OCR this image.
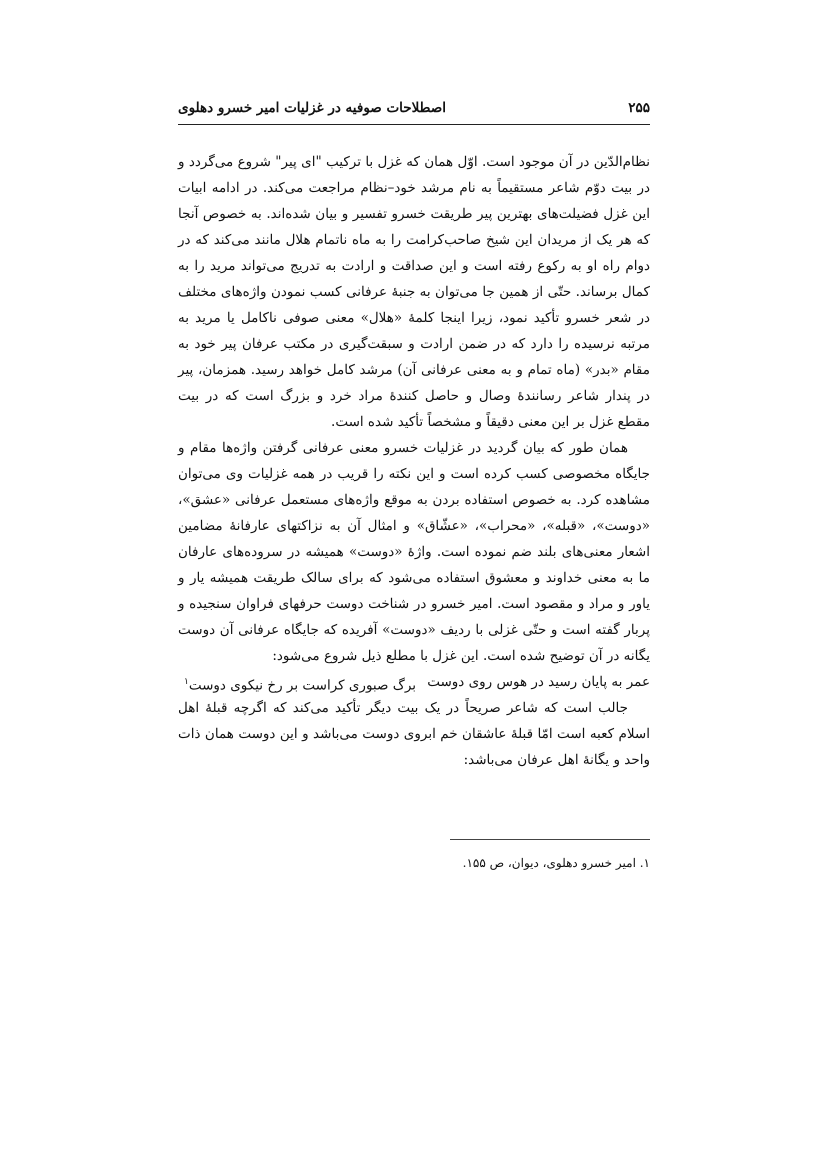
۲۵۵
اصطلاحات صوفیه در غزلیات امیر خسرو دهلوی

نظام‌الدّین در آن موجود است. اوّل همان که غزل با ترکیب "ای پیر" شروع می‌گردد و در بیت دوّم شاعر مستقیماً به نام مرشد خود–نظام مراجعت می‌کند. در ادامه ابیات این غزل فضیلت‌های بهترین پیر طریقت خسرو تفسیر و بیان شده‌اند. به خصوص آنجا که هر یک از مریدان این شیخ صاحب‌کرامت را به ماه ناتمام هلال مانند می‌کند که در دوام راه او به رکوع رفته است و این صداقت و ارادت به تدریج می‌تواند مرید را به کمال برساند. حتّی از همین جا می‌توان به جنبهٔ عرفانی کسب نمودن واژه‌های مختلف در شعر خسرو تأکید نمود، زیرا اینجا کلمهٔ «هلال» معنی صوفی ناکامل یا مرید به مرتبه نرسیده را دارد که در ضمن ارادت و سبقت‌گیری در مکتب عرفان پیر خود به مقام «بدر» (ماه تمام و به معنی عرفانی آن) مرشد کامل خواهد رسید. همزمان، پیر در پندار شاعر رسانندهٔ وصال و حاصل کنندهٔ مراد خرد و بزرگ است که در بیت مقطع غزل بر این معنی دقیقاً و مشخصاً تأکید شده است.

همان طور که بیان گردید در غزلیات خسرو معنی عرفانی گرفتن واژه‌ها مقام و جایگاه مخصوصی کسب کرده است و این نکته را قریب در همه غزلیات وی می‌توان مشاهده کرد. به خصوص استفاده بردن به موقع واژه‌های مستعمل عرفانی «عشق»، «دوست»، «قبله»، «محراب»، «عشّاق» و امثال آن به نزاکتهای عارفانهٔ مضامین اشعار معنی‌های بلند ضم نموده است. واژهٔ «دوست» همیشه در سروده‌های عارفان ما به معنی خداوند و معشوق استفاده می‌شود که برای سالک طریقت همیشه یار و یاور و مراد و مقصود است. امیر خسرو در شناخت دوست حرفهای فراوان سنجیده و پربار گفته است و حتّی غزلی با ردیف «دوست» آفریده که جایگاه عرفانی آن دوست یگانه در آن توضیح شده است. این غزل با مطلع ذیل شروع می‌شود:

عمر به پایان رسید در هوس روی دوست
برگ صبوری کراست بر رخ نیکوی دوست$^۱$

جالب است که شاعر صریحاً در یک بیت دیگر تأکید می‌کند که اگرچه قبلهٔ اهل اسلام کعبه است امّا قبلهٔ عاشقان خم ابروی دوست می‌باشد و این دوست همان ذات واحد و یگانهٔ اهل عرفان می‌باشد:

۱. امیر خسرو دهلوی، دیوان، ص ۱۵۵.
